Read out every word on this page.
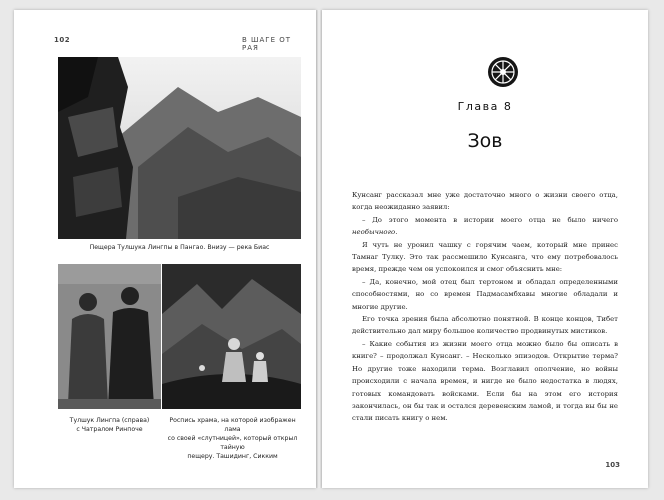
102	В ШАГЕ ОТ РАЯ
Пещера Тулшука Лингпы в Пангао. Внизу — река Биас
Тулшук Лингпа (справа)
с Чатралом Ринпоче
Роспись храма, на которой изображен лама
со своей «слутницей», который открыл тайную
пещеру. Ташидинг, Сикким
Глава 8
Зов

Кунсанг рассказал мне уже достаточно много о жизни своего отца, когда неожиданно заявил:

– До этого момента в истории моего отца не было ничего необычного.

Я чуть не уронил чашку с горячим чаем, который мне принес Тамнаг Тулку. Это так рассмешило Кунсанга, что ему потребовалось время, прежде чем он успокоился и смог объяснить мне:

– Да, конечно, мой отец был тертоном и обладал определенными способностями, но со времен Падмасамбхавы многие обладали и многие другие.

Его точка зрения была абсолютно понятной. В конце концов, Тибет действительно дал миру большое количество продвинутых мистиков.

– Какие события из жизни моего отца можно было бы описать в книге? – продолжал Кунсанг. – Несколько эпизодов. Открытие терма? Но другие тоже находили терма. Возглавил ополчение, но войны происходили с начала времен, и нигде не было недостатка в людях, готовых командовать войсками. Если бы на этом его история закончилась, он бы так и остался деревенским ламой, и тогда вы бы не стали писать книгу о нем.

103
